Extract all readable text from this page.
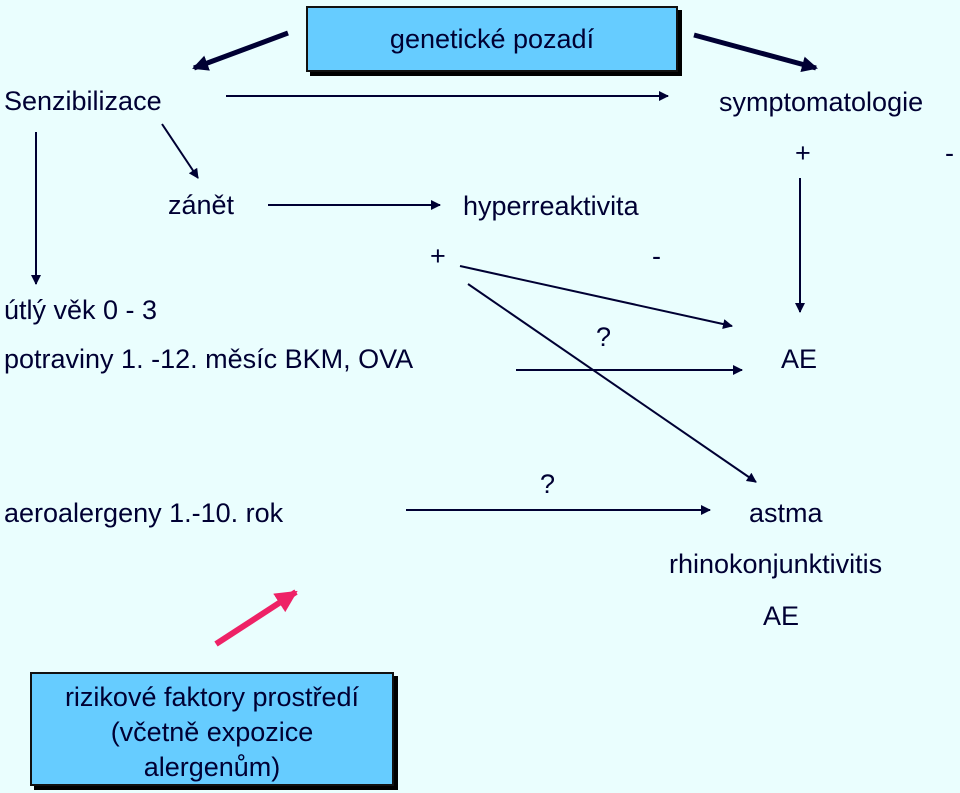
genetické pozadí
Senzibilizace	symptomatologie
+	-
zánět	hyperreaktivita
+	-
útlý věk 0 - 3
potraviny 1. -12. měsíc BKM, OVA
?
AE
?
aeroalergeny 1.-10. rok	astma
rhinokonjunktivitis
AE
rizikové faktory prostředí
(včetně expozice
alergenům)
